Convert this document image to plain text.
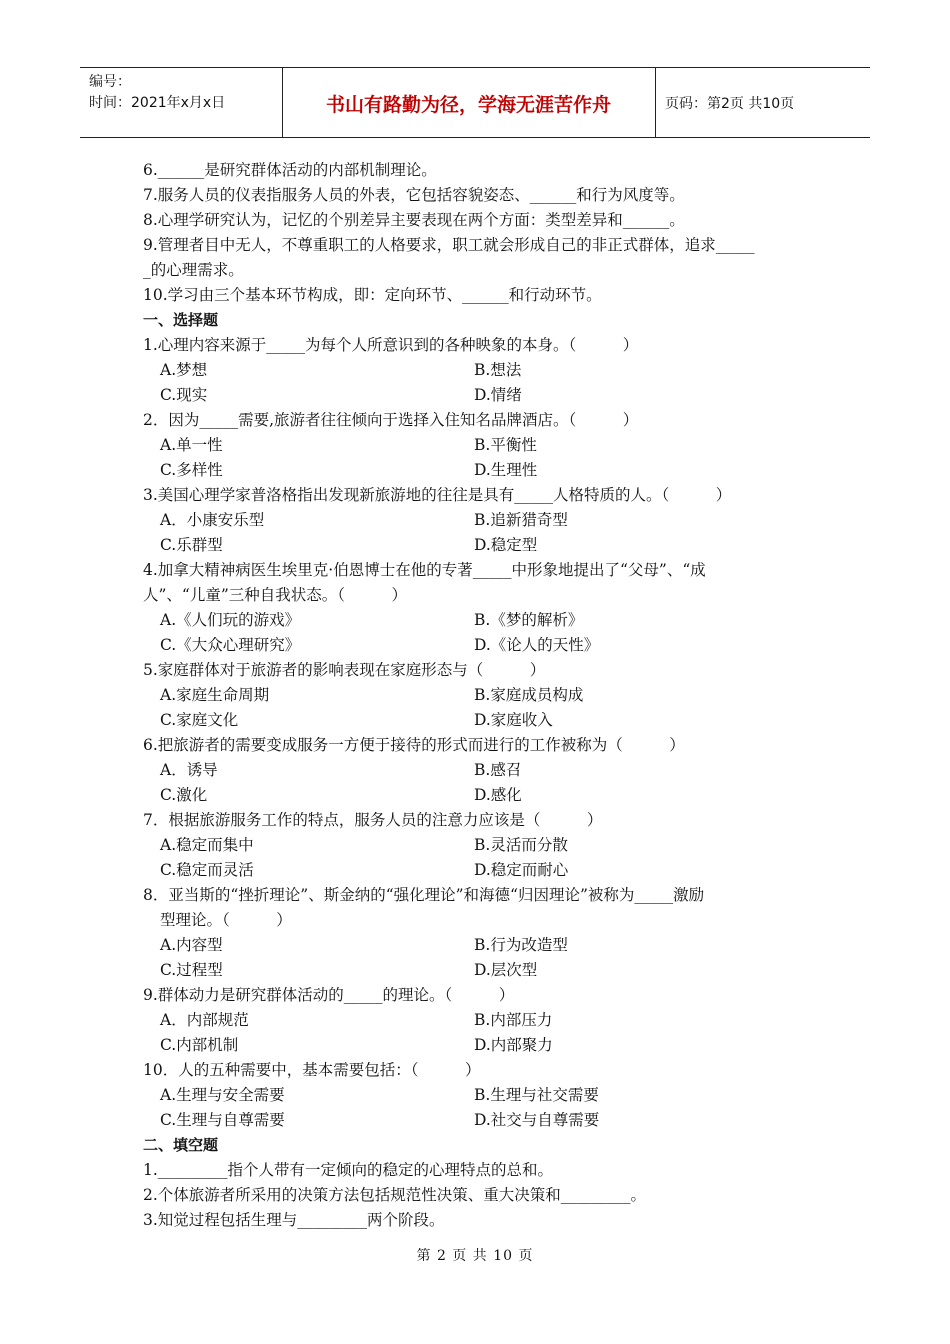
编号：
时间：2021年x月x日	书山有路勤为径，学海无涯苦作舟	页码：第2页 共10页
6.______是研究群体活动的内部机制理论。
7.服务人员的仪表指服务人员的外表，它包括容貌姿态、______和行为风度等。
8.心理学研究认为，记忆的个别差异主要表现在两个方面：类型差异和______。
9.管理者目中无人，不尊重职工的人格要求，职工就会形成自己的非正式群体，追求_____
_的心理需求。
10.学习由三个基本环节构成，即：定向环节、______和行动环节。
一、选择题
1.心理内容来源于_____为每个人所意识到的各种映象的本身。（　　　）
A.梦想	B.想法
C.现实	D.情绪
2．因为_____需要,旅游者往往倾向于选择入住知名品牌酒店。（　　　）
A.单一性	B.平衡性
C.多样性	D.生理性
3.美国心理学家普洛格指出发现新旅游地的往往是具有_____人格特质的人。（　　　）
A．小康安乐型	B.追新猎奇型
C.乐群型	D.稳定型
4.加拿大精神病医生埃里克·伯恩博士在他的专著_____中形象地提出了“父母”、“成
人”、“儿童”三种自我状态。（　　　）
A.《人们玩的游戏》	B.《梦的解析》
C.《大众心理研究》	D.《论人的天性》
5.家庭群体对于旅游者的影响表现在家庭形态与（　　　）
A.家庭生命周期	B.家庭成员构成
C.家庭文化	D.家庭收入
6.把旅游者的需要变成服务一方便于接待的形式而进行的工作被称为（　　　）
A．诱导	B.感召
C.激化	D.感化
7．根据旅游服务工作的特点，服务人员的注意力应该是（　　　）
A.稳定而集中	B.灵活而分散
C.稳定而灵活	D.稳定而耐心
8．亚当斯的“挫折理论”、斯金纳的“强化理论”和海德“归因理论”被称为_____激励
型理论。（　　　）
A.内容型	B.行为改造型
C.过程型	D.层次型
9.群体动力是研究群体活动的_____的理论。（　　　）
A．内部规范	B.内部压力
C.内部机制	D.内部聚力
10．人的五种需要中，基本需要包括：（　　　）
A.生理与安全需要	B.生理与社交需要
C.生理与自尊需要	D.社交与自尊需要
二、填空题
1._________指个人带有一定倾向的稳定的心理特点的总和。
2.个体旅游者所采用的决策方法包括规范性决策、重大决策和_________。
3.知觉过程包括生理与_________两个阶段。
第 2 页 共 10 页
